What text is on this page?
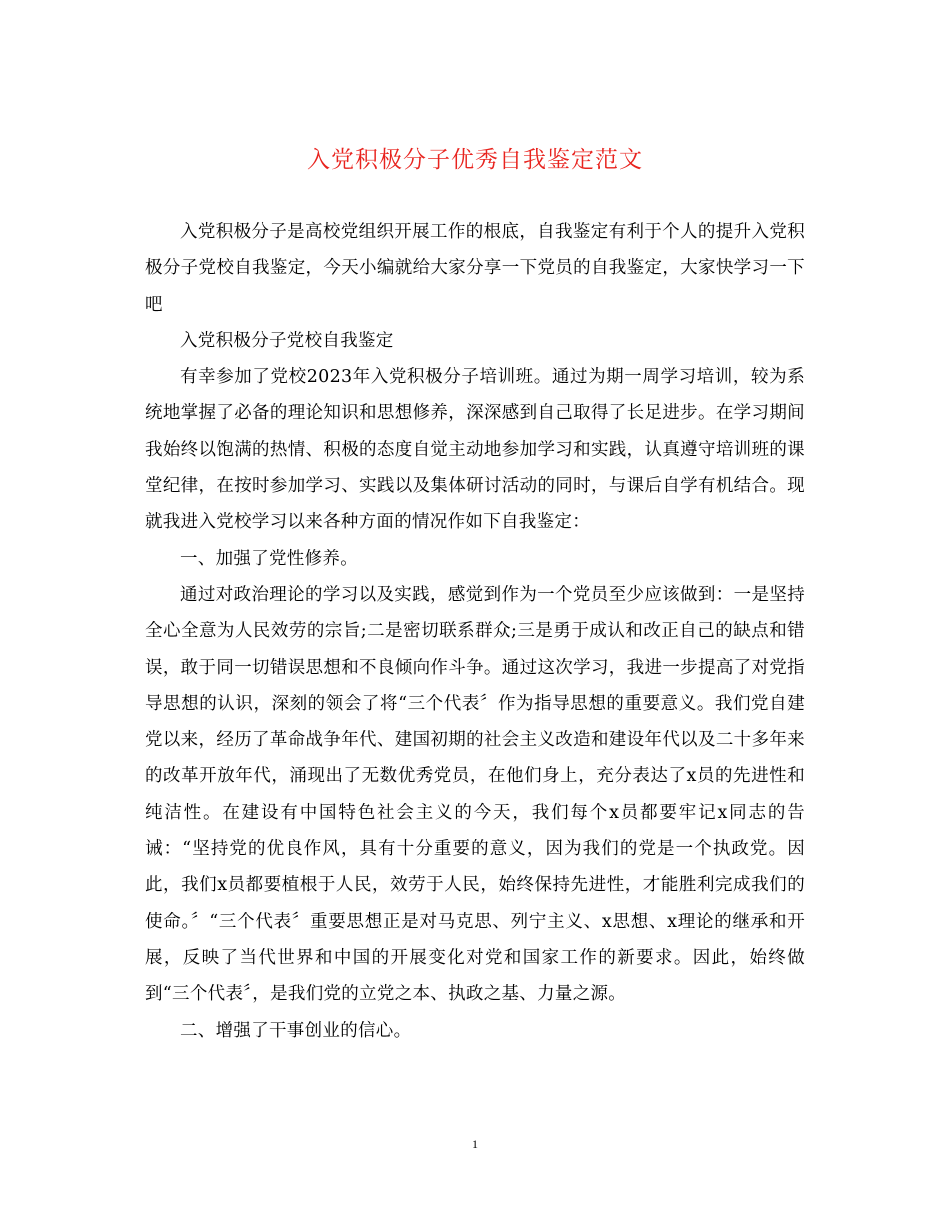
入党积极分子优秀自我鉴定范文

入党积极分子是高校党组织开展工作的根底，自我鉴定有利于个人的提升入党积极分子党校自我鉴定，今天小编就给大家分享一下党员的自我鉴定，大家快学习一下吧

入党积极分子党校自我鉴定

有幸参加了党校2023年入党积极分子培训班。通过为期一周学习培训，较为系统地掌握了必备的理论知识和思想修养，深深感到自己取得了长足进步。在学习期间我始终以饱满的热情、积极的态度自觉主动地参加学习和实践，认真遵守培训班的课堂纪律，在按时参加学习、实践以及集体研讨活动的同时，与课后自学有机结合。现就我进入党校学习以来各种方面的情况作如下自我鉴定：

一、加强了党性修养。

通过对政治理论的学习以及实践，感觉到作为一个党员至少应该做到：一是坚持全心全意为人民效劳的宗旨;二是密切联系群众;三是勇于成认和改正自己的缺点和错误，敢于同一切错误思想和不良倾向作斗争。通过这次学习，我进一步提高了对党指导思想的认识，深刻的领会了将“三个代表〞作为指导思想的重要意义。我们党自建党以来，经历了革命战争年代、建国初期的社会主义改造和建设年代以及二十多年来的改革开放年代，涌现出了无数优秀党员，在他们身上，充分表达了x员的先进性和纯洁性。在建设有中国特色社会主义的今天，我们每个x员都要牢记x同志的告诫：“坚持党的优良作风，具有十分重要的意义，因为我们的党是一个执政党。因此，我们x员都要植根于人民，效劳于人民，始终保持先进性，才能胜利完成我们的使命。〞“三个代表〞重要思想正是对马克思、列宁主义、x思想、x理论的继承和开展，反映了当代世界和中国的开展变化对党和国家工作的新要求。因此，始终做到“三个代表〞，是我们党的立党之本、执政之基、力量之源。

二、增强了干事创业的信心。

1
